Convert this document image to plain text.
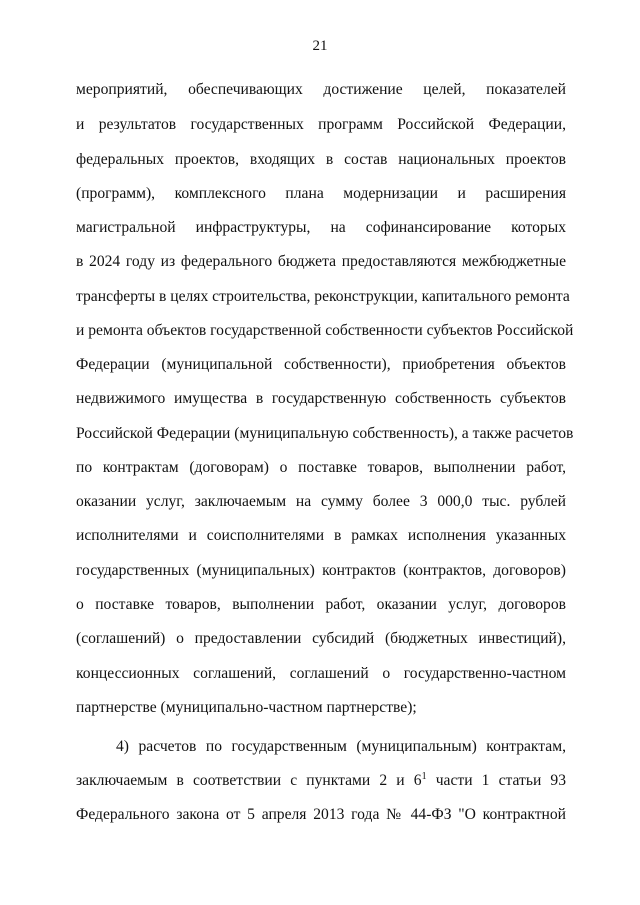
21
мероприятий, обеспечивающих достижение целей, показателей
и результатов государственных программ Российской Федерации,
федеральных проектов, входящих в состав национальных проектов
(программ), комплексного плана модернизации и расширения
магистральной инфраструктуры, на софинансирование которых
в 2024 году из федерального бюджета предоставляются межбюджетные
трансферты в целях строительства, реконструкции, капитального ремонта
и ремонта объектов государственной собственности субъектов Российской
Федерации (муниципальной собственности), приобретения объектов
недвижимого имущества в государственную собственность субъектов
Российской Федерации (муниципальную собственность), а также расчетов
по контрактам (договорам) о поставке товаров, выполнении работ,
оказании услуг, заключаемым на сумму более 3 000,0 тыс. рублей
исполнителями и соисполнителями в рамках исполнения указанных
государственных (муниципальных) контрактов (контрактов, договоров)
о поставке товаров, выполнении работ, оказании услуг, договоров
(соглашений) о предоставлении субсидий (бюджетных инвестиций),
концессионных соглашений, соглашений о государственно-частном
партнерстве (муниципально-частном партнерстве);
4) расчетов по государственным (муниципальным) контрактам,
заключаемым в соответствии с пунктами 2 и $6^1$ части 1 статьи 93
Федерального закона от 5 апреля 2013 года № 44-ФЗ "О контрактной
